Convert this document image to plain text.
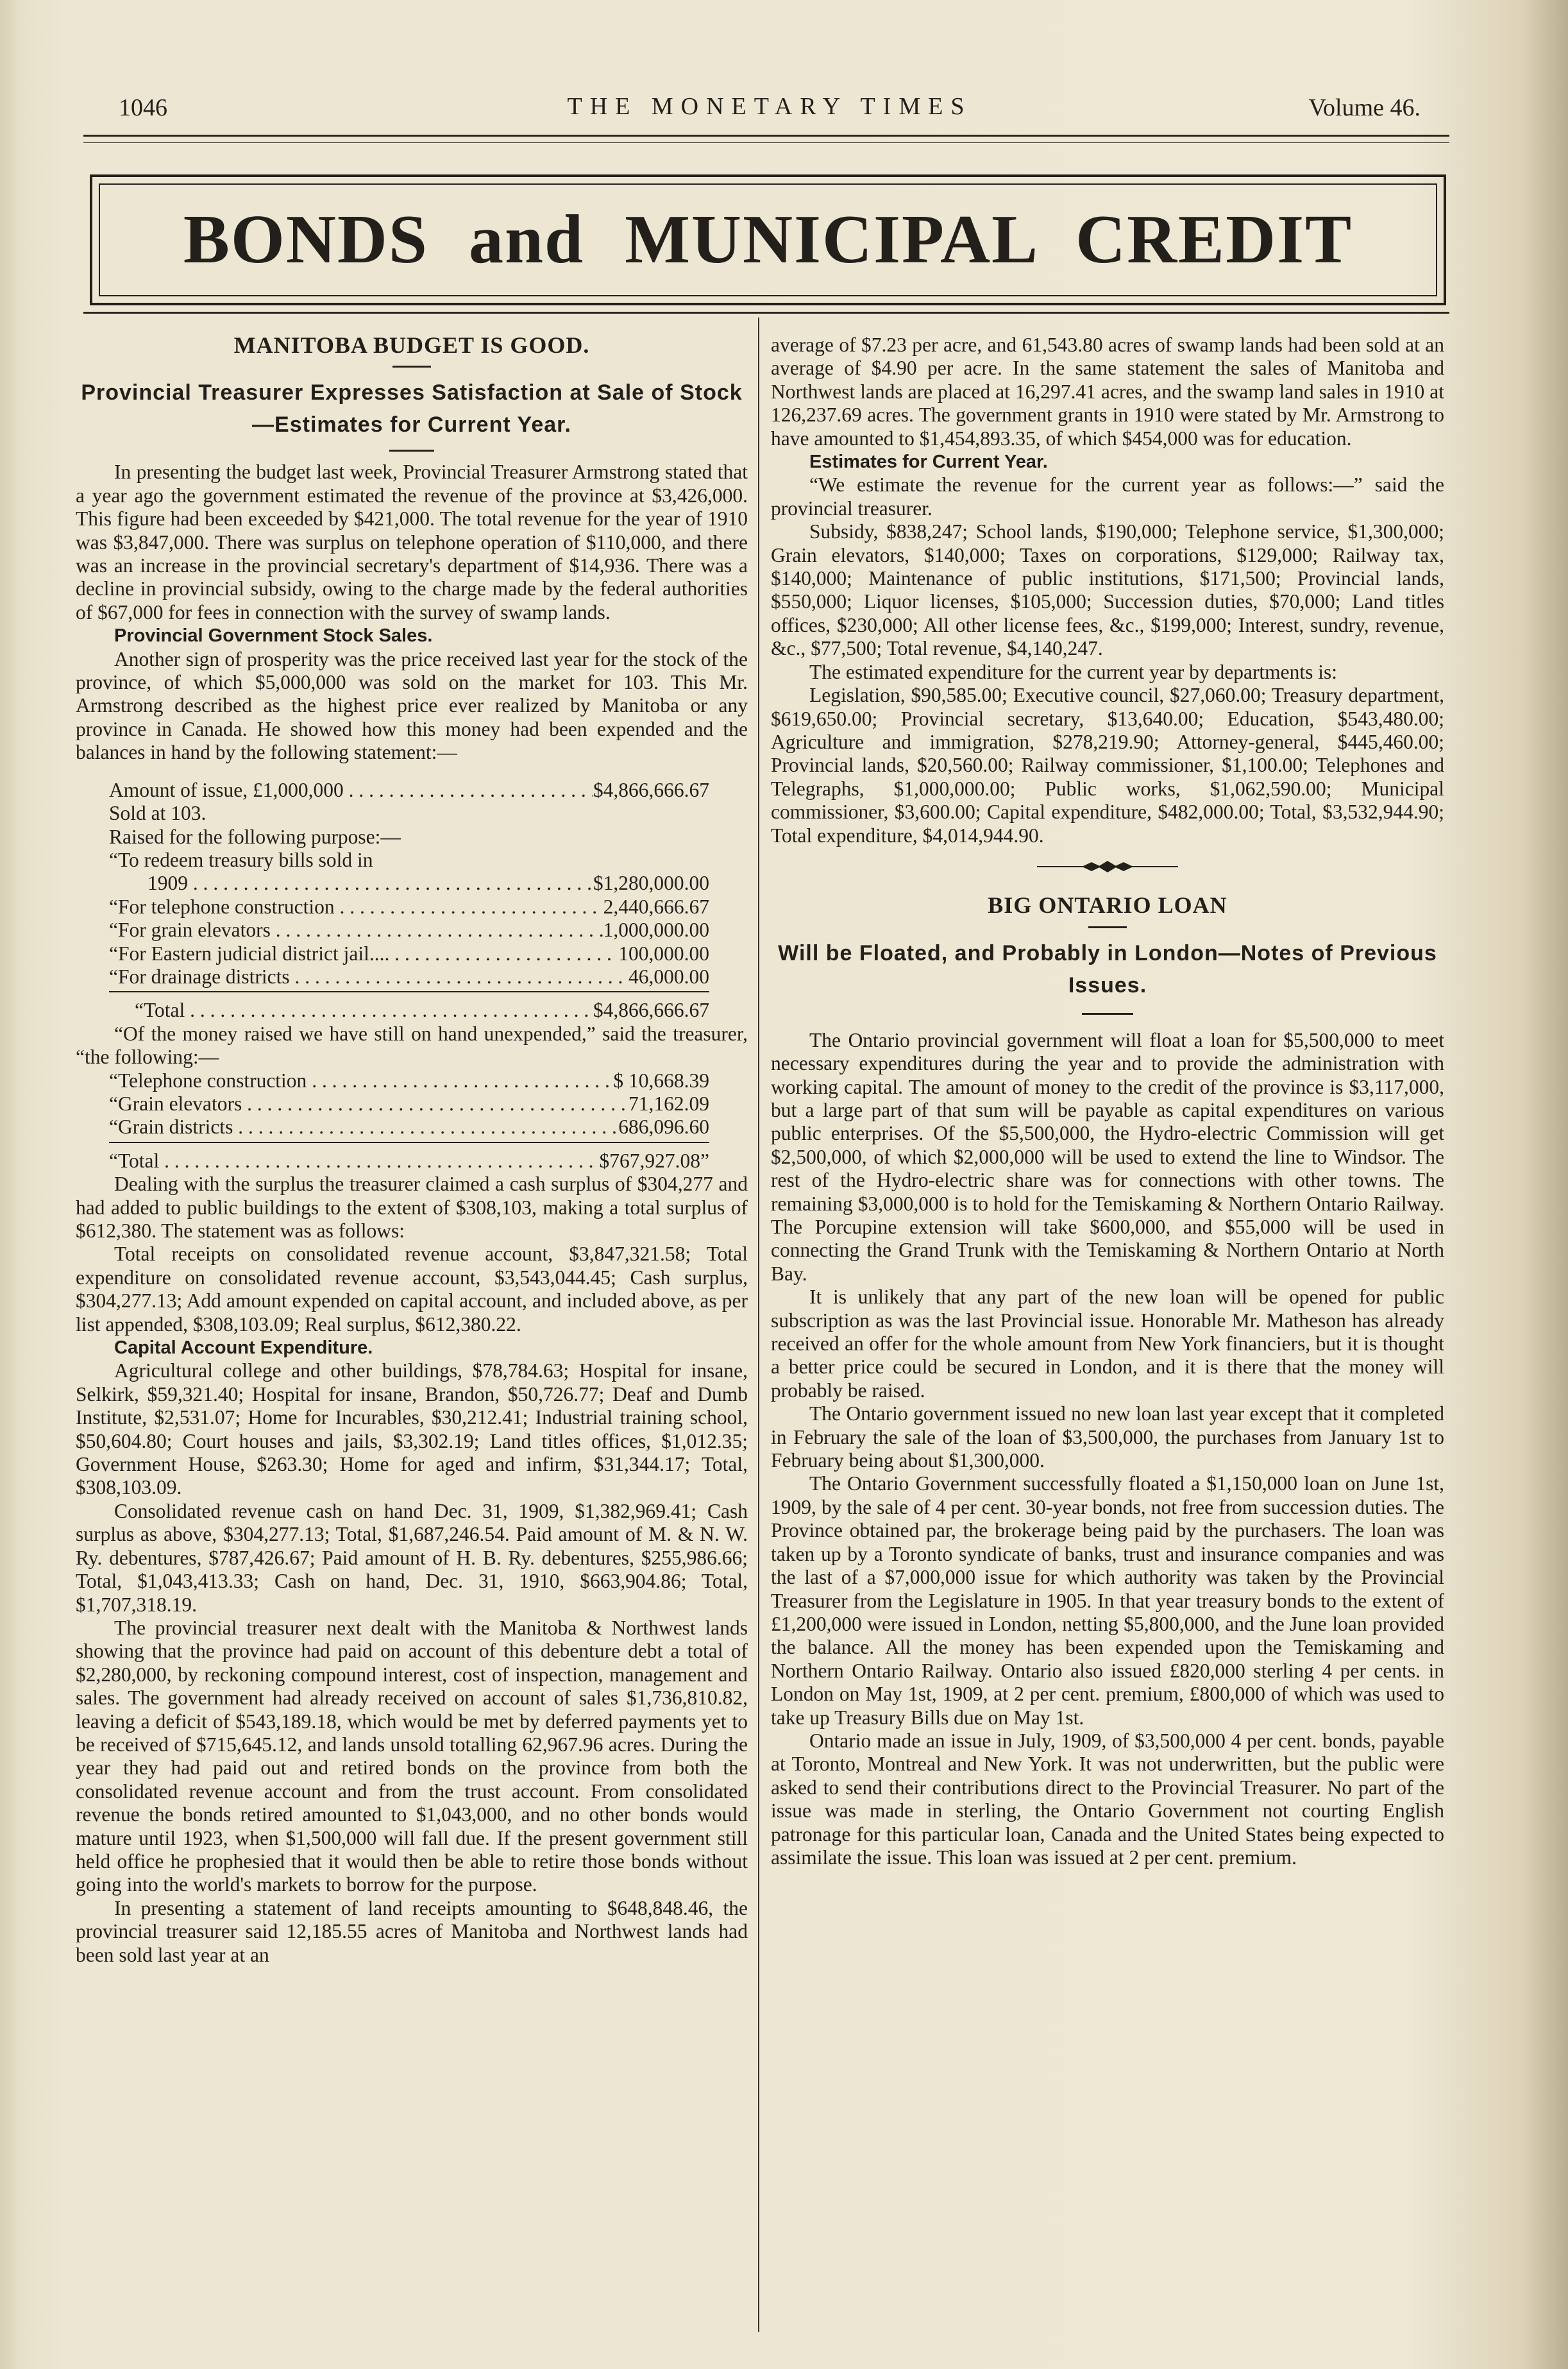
1046	THE MONETARY TIMES	Volume 46.
BONDS and MUNICIPAL CREDIT

MANITOBA BUDGET IS GOOD.

Provincial Treasurer Expresses Satisfaction at Sale of Stock—Estimates for Current Year.

In presenting the budget last week, Provincial Treasurer Armstrong stated that a year ago the government estimated the revenue of the province at $3,426,000. This figure had been exceeded by $421,000. The total revenue for the year of 1910 was $3,847,000. There was surplus on telephone operation of $110,000, and there was an increase in the provincial secretary's department of $14,936. There was a decline in provincial subsidy, owing to the charge made by the federal authorities of $67,000 for fees in connection with the survey of swamp lands.

Provincial Government Stock Sales.

Another sign of prosperity was the price received last year for the stock of the province, of which $5,000,000 was sold on the market for 103. This Mr. Armstrong described as the highest price ever realized by Manitoba or any province in Canada. He showed how this money had been expended and the balances in hand by the following statement:—

Amount of issue, £1,000,000 . . .	$4,866,666.67
Sold at 103.
Raised for the following purpose:—
“To redeem treasury bills sold in
1909 . . .	$1,280,000.00
“For telephone construction . . .	2,440,666.67
“For grain elevators . . .	1,000,000.00
“For Eastern judicial district jail.... . . .	100,000.00
“For drainage districts . . .	46,000.00
“Total . . .	$4,866,666.67

“Of the money raised we have still on hand unexpended,” said the treasurer, “the following:—

“Telephone construction . . .	$ 10,668.39
“Grain elevators . . .	71,162.09
“Grain districts . . .	686,096.60
“Total . . .	$767,927.08”

Dealing with the surplus the treasurer claimed a cash surplus of $304,277 and had added to public buildings to the extent of $308,103, making a total surplus of $612,380. The statement was as follows:

Total receipts on consolidated revenue account, $3,847,321.58; Total expenditure on consolidated revenue account, $3,543,044.45; Cash surplus, $304,277.13; Add amount expended on capital account, and included above, as per list appended, $308,103.09; Real surplus, $612,380.22.

Capital Account Expenditure.

Agricultural college and other buildings, $78,784.63; Hospital for insane, Selkirk, $59,321.40; Hospital for insane, Brandon, $50,726.77; Deaf and Dumb Institute, $2,531.07; Home for Incurables, $30,212.41; Industrial training school, $50,604.80; Court houses and jails, $3,302.19; Land titles offices, $1,012.35; Government House, $263.30; Home for aged and infirm, $31,344.17; Total, $308,103.09.

Consolidated revenue cash on hand Dec. 31, 1909, $1,382,969.41; Cash surplus as above, $304,277.13; Total, $1,687,246.54. Paid amount of M. & N. W. Ry. debentures, $787,426.67; Paid amount of H. B. Ry. debentures, $255,986.66; Total, $1,043,413.33; Cash on hand, Dec. 31, 1910, $663,904.86; Total, $1,707,318.19.

The provincial treasurer next dealt with the Manitoba & Northwest lands showing that the province had paid on account of this debenture debt a total of $2,280,000, by reckoning compound interest, cost of inspection, management and sales. The government had already received on account of sales $1,736,810.82, leaving a deficit of $543,189.18, which would be met by deferred payments yet to be received of $715,645.12, and lands unsold totalling 62,967.96 acres. During the year they had paid out and retired bonds on the province from both the consolidated revenue account and from the trust account. From consolidated revenue the bonds retired amounted to $1,043,000, and no other bonds would mature until 1923, when $1,500,000 will fall due. If the present government still held office he prophesied that it would then be able to retire those bonds without going into the world's markets to borrow for the purpose.

In presenting a statement of land receipts amounting to $648,848.46, the provincial treasurer said 12,185.55 acres of Manitoba and Northwest lands had been sold last year at an

average of $7.23 per acre, and 61,543.80 acres of swamp lands had been sold at an average of $4.90 per acre. In the same statement the sales of Manitoba and Northwest lands are placed at 16,297.41 acres, and the swamp land sales in 1910 at 126,237.69 acres. The government grants in 1910 were stated by Mr. Armstrong to have amounted to $1,454,893.35, of which $454,000 was for education.

Estimates for Current Year.

“We estimate the revenue for the current year as follows:—” said the provincial treasurer.

Subsidy, $838,247; School lands, $190,000; Telephone service, $1,300,000; Grain elevators, $140,000; Taxes on corporations, $129,000; Railway tax, $140,000; Maintenance of public institutions, $171,500; Provincial lands, $550,000; Liquor licenses, $105,000; Succession duties, $70,000; Land titles offices, $230,000; All other license fees, &c., $199,000; Interest, sundry, revenue, &c., $77,500; Total revenue, $4,140,247.

The estimated expenditure for the current year by departments is:

Legislation, $90,585.00; Executive council, $27,060.00; Treasury department, $619,650.00; Provincial secretary, $13,640.00; Education, $543,480.00; Agriculture and immigration, $278,219.90; Attorney-general, $445,460.00; Provincial lands, $20,560.00; Railway commissioner, $1,100.00; Telephones and Telegraphs, $1,000,000.00; Public works, $1,062,590.00; Municipal commissioner, $3,600.00; Capital expenditure, $482,000.00; Total, $3,532,944.90; Total expenditure, $4,014,944.90.

BIG ONTARIO LOAN

Will be Floated, and Probably in London—Notes of Previous Issues.

The Ontario provincial government will float a loan for $5,500,000 to meet necessary expenditures during the year and to provide the administration with working capital. The amount of money to the credit of the province is $3,117,000, but a large part of that sum will be payable as capital expenditures on various public enterprises. Of the $5,500,000, the Hydro-electric Commission will get $2,500,000, of which $2,000,000 will be used to extend the line to Windsor. The rest of the Hydro-electric share was for connections with other towns. The remaining $3,000,000 is to hold for the Temiskaming & Northern Ontario Railway. The Porcupine extension will take $600,000, and $55,000 will be used in connecting the Grand Trunk with the Temiskaming & Northern Ontario at North Bay.

It is unlikely that any part of the new loan will be opened for public subscription as was the last Provincial issue. Honorable Mr. Matheson has already received an offer for the whole amount from New York financiers, but it is thought a better price could be secured in London, and it is there that the money will probably be raised.

The Ontario government issued no new loan last year except that it completed in February the sale of the loan of $3,500,000, the purchases from January 1st to February being about $1,300,000.

The Ontario Government successfully floated a $1,150,000 loan on June 1st, 1909, by the sale of 4 per cent. 30-year bonds, not free from succession duties. The Province obtained par, the brokerage being paid by the purchasers. The loan was taken up by a Toronto syndicate of banks, trust and insurance companies and was the last of a $7,000,000 issue for which authority was taken by the Provincial Treasurer from the Legislature in 1905. In that year treasury bonds to the extent of £1,200,000 were issued in London, netting $5,800,000, and the June loan provided the balance. All the money has been expended upon the Temiskaming and Northern Ontario Railway. Ontario also issued £820,000 sterling 4 per cents. in London on May 1st, 1909, at 2 per cent. premium, £800,000 of which was used to take up Treasury Bills due on May 1st.

Ontario made an issue in July, 1909, of $3,500,000 4 per cent. bonds, payable at Toronto, Montreal and New York. It was not underwritten, but the public were asked to send their contributions direct to the Provincial Treasurer. No part of the issue was made in sterling, the Ontario Government not courting English patronage for this particular loan, Canada and the United States being expected to assimilate the issue. This loan was issued at 2 per cent. premium.
